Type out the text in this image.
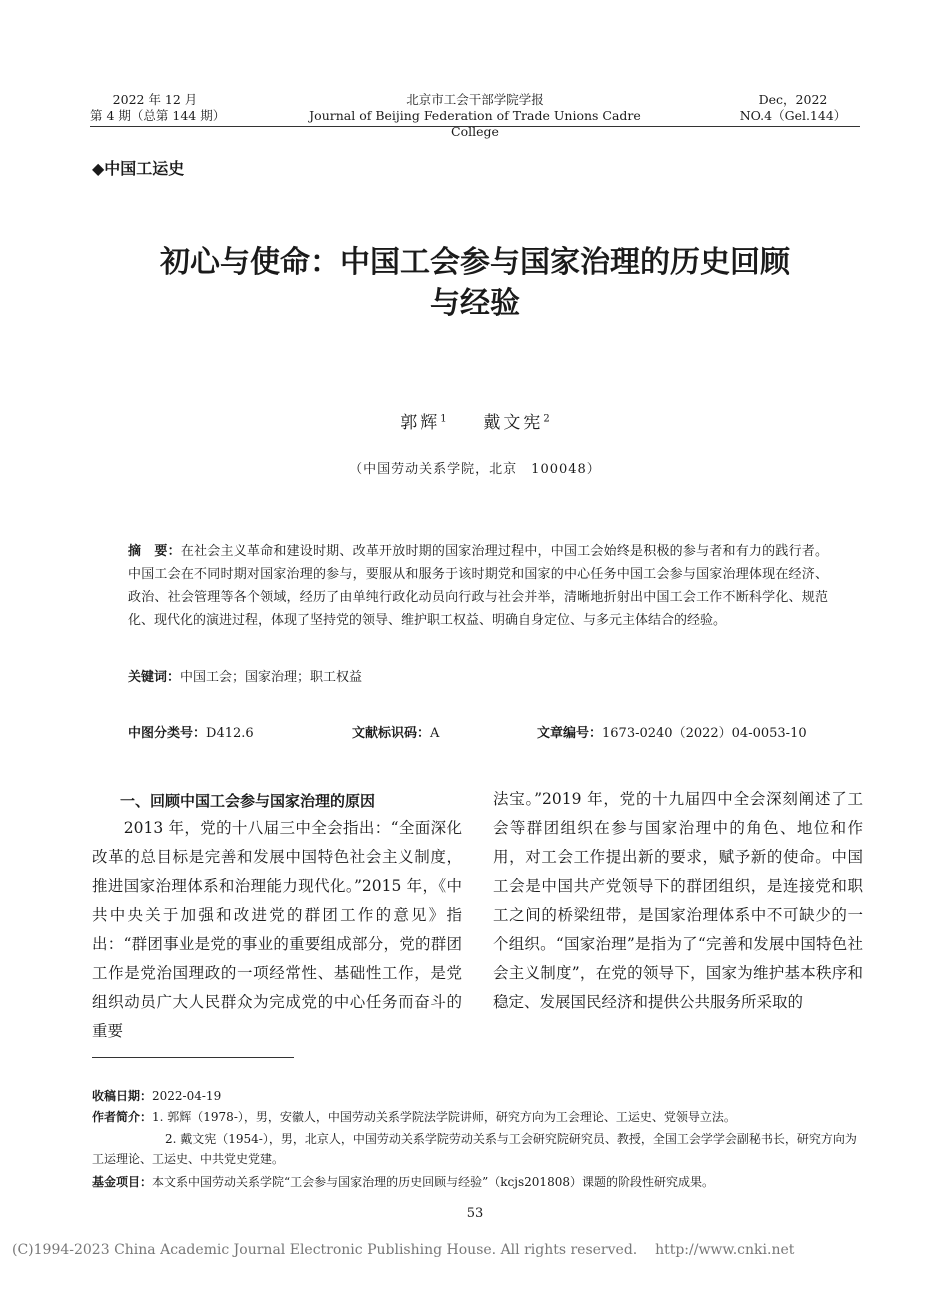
2022 年 12 月
第 4 期（总第 144 期）
北京市工会干部学院学报
Journal of Beijing Federation of Trade Unions Cadre College
Dec，2022
NO.4（Gel.144）
◆中国工运史
初心与使命：中国工会参与国家治理的历史回顾
与经验
郭辉$^1$ 戴文宪$^2$
（中国劳动关系学院，北京　100048）
摘　要：在社会主义革命和建设时期、改革开放时期的国家治理过程中，中国工会始终是积极的参与者和有力的践行者。中国工会在不同时期对国家治理的参与，要服从和服务于该时期党和国家的中心任务中国工会参与国家治理体现在经济、政治、社会管理等各个领域，经历了由单纯行政化动员向行政与社会并举，清晰地折射出中国工会工作不断科学化、规范化、现代化的演进过程，体现了坚持党的领导、维护职工权益、明确自身定位、与多元主体结合的经验。
关键词：中国工会；国家治理；职工权益
中图分类号：D412.6	文献标识码：A	文章编号：1673-0240（2022）04-0053-10
一、回顾中国工会参与国家治理的原因
　　2013 年，党的十八届三中全会指出：“全面深化改革的总目标是完善和发展中国特色社会主义制度，推进国家治理体系和治理能力现代化。”2015 年，《中共中央关于加强和改进党的群团工作的意见》指出：“群团事业是党的事业的重要组成部分，党的群团工作是党治国理政的一项经常性、基础性工作，是党组织动员广大人民群众为完成党的中心任务而奋斗的重要
法宝。”2019 年，党的十九届四中全会深刻阐述了工会等群团组织在参与国家治理中的角色、地位和作用，对工会工作提出新的要求，赋予新的使命。中国工会是中国共产党领导下的群团组织，是连接党和职工之间的桥梁纽带，是国家治理体系中不可缺少的一个组织。“国家治理”是指为了“完善和发展中国特色社会主义制度”，在党的领导下，国家为维护基本秩序和稳定、发展国民经济和提供公共服务所采取的
收稿日期：2022-04-19
作者简介：1. 郭辉（1978-），男，安徽人，中国劳动关系学院法学院讲师，研究方向为工会理论、工运史、党领导立法。
2. 戴文宪（1954-），男，北京人，中国劳动关系学院劳动关系与工会研究院研究员、教授，全国工会学学会副秘书长，研究方向为工运理论、工运史、中共党史党建。
基金项目：本文系中国劳动关系学院“工会参与国家治理的历史回顾与经验”（kcjs201808）课题的阶段性研究成果。
53
(C)1994-2023 China Academic Journal Electronic Publishing House. All rights reserved. http://www.cnki.net
